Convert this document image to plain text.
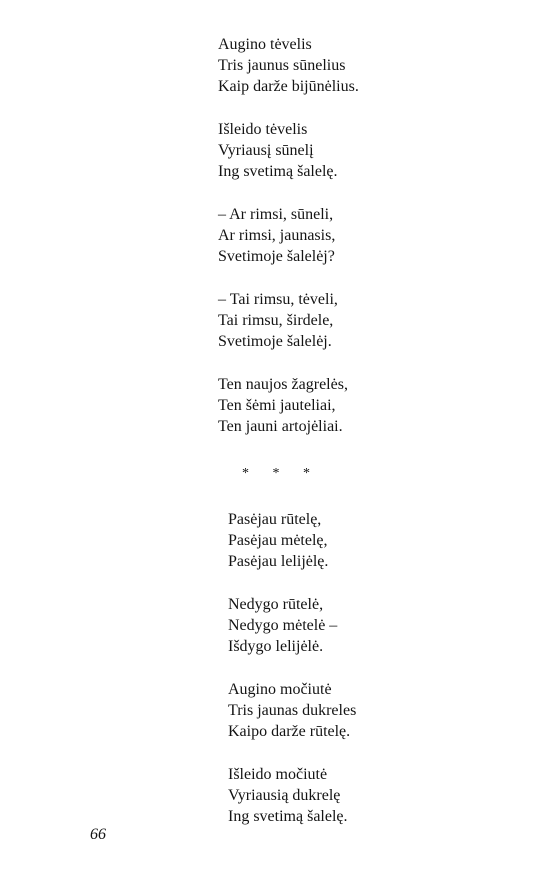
Augino tėvelis
Tris jaunus sūnelius
Kaip darže bijūnėlius.
Išleido tėvelis
Vyriausį sūnelį
Ing svetimą šalelę.
– Ar rimsi, sūneli,
Ar rimsi, jaunasis,
Svetimoje šalelėj?
– Tai rimsu, tėveli,
Tai rimsu, širdele,
Svetimoje šalelėj.
Ten naujos žagrelės,
Ten šėmi jauteliai,
Ten jauni artojėliai.
* * *
Pasėjau rūtelę,
Pasėjau mėtelę,
Pasėjau lelijėlę.
Nedygo rūtelė,
Nedygo mėtelė –
Išdygo lelijėlė.
Augino močiutė
Tris jaunas dukreles
Kaipo darže rūtelę.
Išleido močiutė
Vyriausią dukrelę
Ing svetimą šalelę.
66
